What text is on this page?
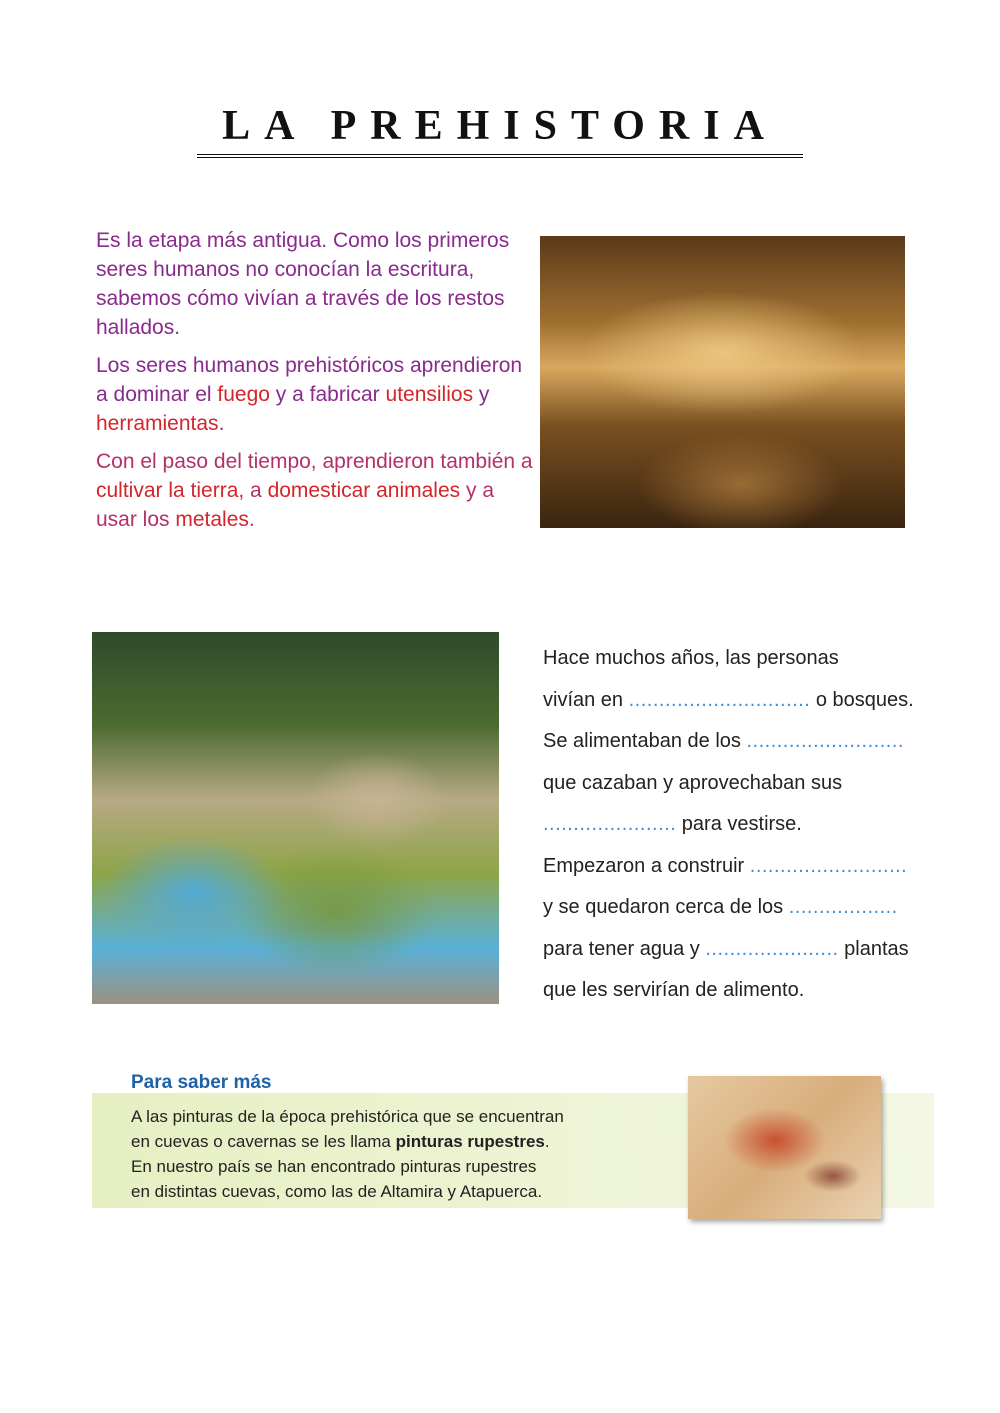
LA PREHISTORIA

Es la etapa más antigua. Como los primeros seres humanos no conocían la escritura, sabemos cómo vivían a través de los restos hallados.

Los seres humanos prehistóricos aprendieron a dominar el fuego y a fabricar utensilios y herramientas.

Con el paso del tiempo, aprendieron también a cultivar la tierra, a domesticar animales y a usar los metales.

Hace muchos años, las personas
vivían en .............................. o bosques.
Se alimentaban de los ..........................
que cazaban y aprovechaban sus
...................... para vestirse.
Empezaron a construir ..........................
y se quedaron cerca de los ..................
para tener agua y ...................... plantas
que les servirían de alimento.
Para saber más
A las pinturas de la época prehistórica que se encuentran
en cuevas o cavernas se les llama pinturas rupestres.
En nuestro país se han encontrado pinturas rupestres
en distintas cuevas, como las de Altamira y Atapuerca.
